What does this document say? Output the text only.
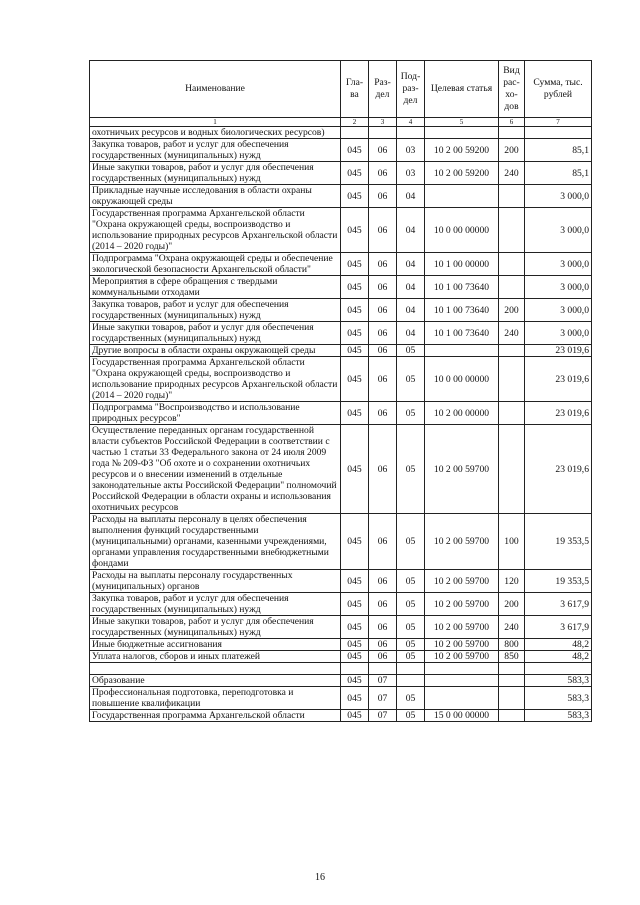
Наименование	Гла-ва	Раз-дел	Под-раз-дел	Целевая статья	Вид рас-хо-дов	Сумма, тыс. рублей
1	2	3	4	5	6	7
охотничьих ресурсов и водных биологических ресурсов)						
Закупка товаров, работ и услуг для обеспечения государственных (муниципальных) нужд	045	06	03	10 2 00 59200	200	85,1
Иные закупки товаров, работ и услуг для обеспечения государственных (муниципальных) нужд	045	06	03	10 2 00 59200	240	85,1
Прикладные научные исследования в области охраны окружающей среды	045	06	04			3 000,0
Государственная программа Архангельской области "Охрана окружающей среды, воспроизводство и использование природных ресурсов Архангельской области (2014 – 2020 годы)"	045	06	04	10 0 00 00000		3 000,0
Подпрограмма "Охрана окружающей среды и обеспечение экологической безопасности Архангельской области"	045	06	04	10 1 00 00000		3 000,0
Мероприятия в сфере обращения с твердыми коммунальными отходами	045	06	04	10 1 00 73640		3 000,0
Закупка товаров, работ и услуг для обеспечения государственных (муниципальных) нужд	045	06	04	10 1 00 73640	200	3 000,0
Иные закупки товаров, работ и услуг для обеспечения государственных (муниципальных) нужд	045	06	04	10 1 00 73640	240	3 000,0
Другие вопросы в области охраны окружающей среды	045	06	05			23 019,6
Государственная программа Архангельской области "Охрана окружающей среды, воспроизводство и использование природных ресурсов Архангельской области (2014 – 2020 годы)"	045	06	05	10 0 00 00000		23 019,6
Подпрограмма "Воспроизводство и использование природных ресурсов"	045	06	05	10 2 00 00000		23 019,6
Осуществление переданных органам государственной власти субъектов Российской Федерации в соответствии с частью 1 статьи 33 Федерального закона от 24 июля 2009 года № 209-ФЗ "Об охоте и о сохранении охотничьих ресурсов и о внесении изменений в отдельные законодательные акты Российской Федерации" полномочий Российской Федерации в области охраны и использования охотничьих ресурсов	045	06	05	10 2 00 59700		23 019,6
Расходы на выплаты персоналу в целях обеспечения выполнения функций государственными (муниципальными) органами, казенными учреждениями, органами управления государственными внебюджетными фондами	045	06	05	10 2 00 59700	100	19 353,5
Расходы на выплаты персоналу государственных (муниципальных) органов	045	06	05	10 2 00 59700	120	19 353,5
Закупка товаров, работ и услуг для обеспечения государственных (муниципальных) нужд	045	06	05	10 2 00 59700	200	3 617,9
Иные закупки товаров, работ и услуг для обеспечения государственных (муниципальных) нужд	045	06	05	10 2 00 59700	240	3 617,9
Иные бюджетные ассигнования	045	06	05	10 2 00 59700	800	48,2
Уплата налогов, сборов и иных платежей	045	06	05	10 2 00 59700	850	48,2

Образование	045	07				583,3
Профессиональная подготовка, переподготовка и повышение квалификации	045	07	05			583,3
Государственная программа Архангельской области	045	07	05	15 0 00 00000		583,3
16
